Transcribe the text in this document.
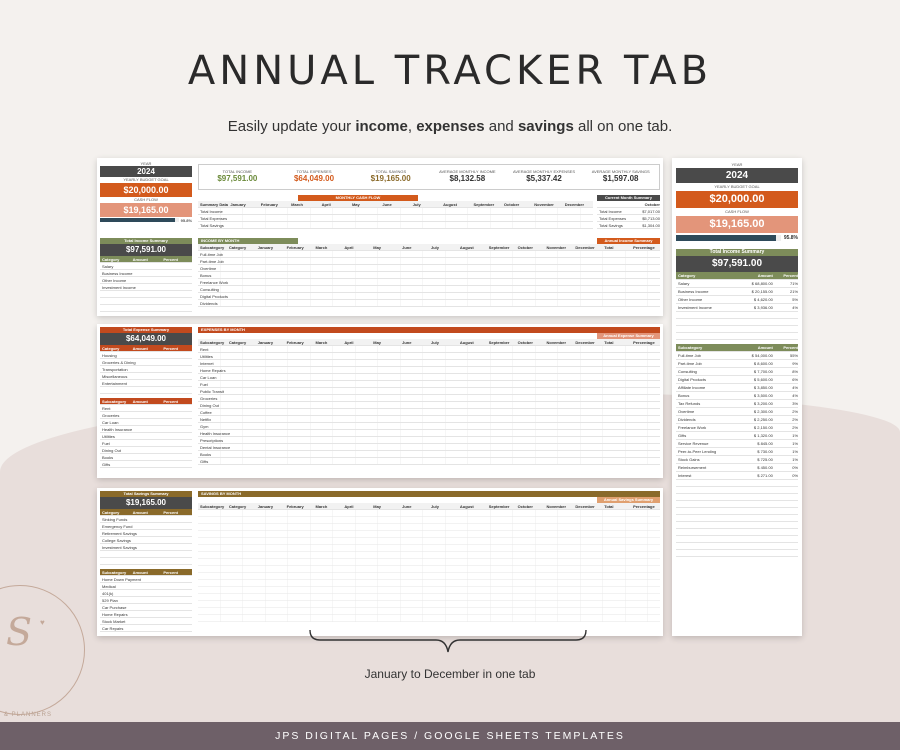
ANNUAL TRACKER TAB

Easily update your income, expenses and savings all on one tab.

YEAR
2024
YEARLY BUDGET GOAL
$20,000.00
CASH FLOW
$19,165.00
95.8%
TOTAL INCOME
$97,591.00
TOTAL EXPENSES
$64,049.00
TOTAL SAVINGS
$19,165.00
AVERAGE MONTHLY INCOME
$8,132.58
AVERAGE MONTHLY EXPENSES
$5,337.42
AVERAGE MONTHLY SAVINGS
$1,597.08
MONTHLY CASH FLOW
Summary Data January	February	March	April	May	June	July	August	September	October	November	December
Total Income
Total Expenses
Total Savings
Current Month Summary
October
Total Income	$7,017.00
Total Expenses	$5,713.00
Total Savings	$1,304.00
Total Income Summary
$97,591.00
Category	Amount	Percent
Salary
Business Income
Other Income
Investment Income
INCOME BY MONTH	Annual Income Summary
Subcategory	Category	January	February	March	April	May	June	July	August	September	October	November	December	Total	Percentage
Full-time Job
Part-time Job
Overtime
Bonus
Freelance Work
Consulting
Digital Products
Dividends
Total Expense Summary
$64,049.00
Category	Amount	Percent
Housing
Groceries & Dining
Transportation
Miscellaneous
Entertainment
Subcategory	Amount	Percent
Rent
Groceries
Car Loan
Health Insurance
Utilities
Fuel
Dining Out
Books
Gifts
EXPENSES BY MONTH
Annual Expense Summary
Subcategory	Category	January	February	March	April	May	June	July	August	September	October	November	December	Total	Percentage
Rent
Utilities
Internet
Home Repairs
Car Loan
Fuel
Public Transit
Groceries
Dining Out
Coffee
Netflix
Gym
Health Insurance
Prescriptions
Dental Insurance
Books
Gifts
Total Savings Summary
$19,165.00
Category	Amount	Percent
Sinking Funds
Emergency Fund
Retirement Savings
College Savings
Investment Savings
Subcategory	Amount	Percent
Home Down Payment
Medical
401(k)
529 Plan
Car Purchase
Home Repairs
Stock Market
Car Repairs
SAVINGS BY MONTH
Annual Savings Summary
Subcategory	Category	January	February	March	April	May	June	July	August	September	October	November	December	Total	Percentage
YEAR
2024
YEARLY BUDGET GOAL
$20,000.00
CASH FLOW
$19,165.00
95.8%
Total Income Summary
$97,591.00
Category	Amount	Percent
Salary	$ 68,800.00	71%
Business Income	$ 20,155.00	21%
Other Income	$ 4,620.00	5%
Investment Income	$ 3,936.00	4%
Subcategory	Amount	Percent
Full-time Job	$ 54,000.00	55%
Part-time Job	$ 8,600.00	9%
Consulting	$ 7,700.00	8%
Digital Products	$ 5,600.00	6%
Affiliate Income	$ 3,850.00	4%
Bonus	$ 3,500.00	4%
Tax Refunds	$ 3,200.00	3%
Overtime	$ 2,300.00	2%
Dividends	$ 2,250.00	2%
Freelance Work	$ 2,150.00	2%
Gifts	$ 1,320.00	1%
Service Revenue	$ 845.00	1%
Peer-to-Peer Lending	$ 730.00	1%
Stock Gains	$ 725.00	1%
Reimbursement	$ 450.00	0%
Interest	$ 271.00	0%
January to December in one tab
S ♥
& PLANNERS
JPS DIGITAL PAGES / GOOGLE SHEETS TEMPLATES
